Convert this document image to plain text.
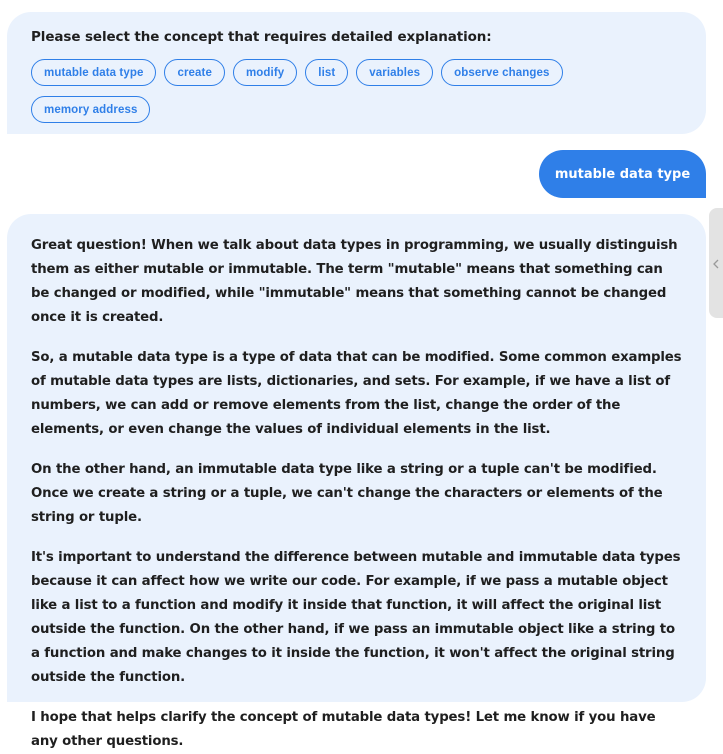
Please select the concept that requires detailed explanation:
mutable data type	create	modify	list	variables	observe changes
memory address
mutable data type

Great question! When we talk about data types in programming, we usually distinguish them as either mutable or immutable. The term "mutable" means that something can be changed or modified, while "immutable" means that something cannot be changed once it is created.

So, a mutable data type is a type of data that can be modified. Some common examples of mutable data types are lists, dictionaries, and sets. For example, if we have a list of numbers, we can add or remove elements from the list, change the order of the elements, or even change the values of individual elements in the list.

On the other hand, an immutable data type like a string or a tuple can't be modified. Once we create a string or a tuple, we can't change the characters or elements of the string or tuple.

It's important to understand the difference between mutable and immutable data types because it can affect how we write our code. For example, if we pass a mutable object like a list to a function and modify it inside that function, it will affect the original list outside the function. On the other hand, if we pass an immutable object like a string to a function and make changes to it inside the function, it won't affect the original string outside the function.

I hope that helps clarify the concept of mutable data types! Let me know if you have any other questions.
